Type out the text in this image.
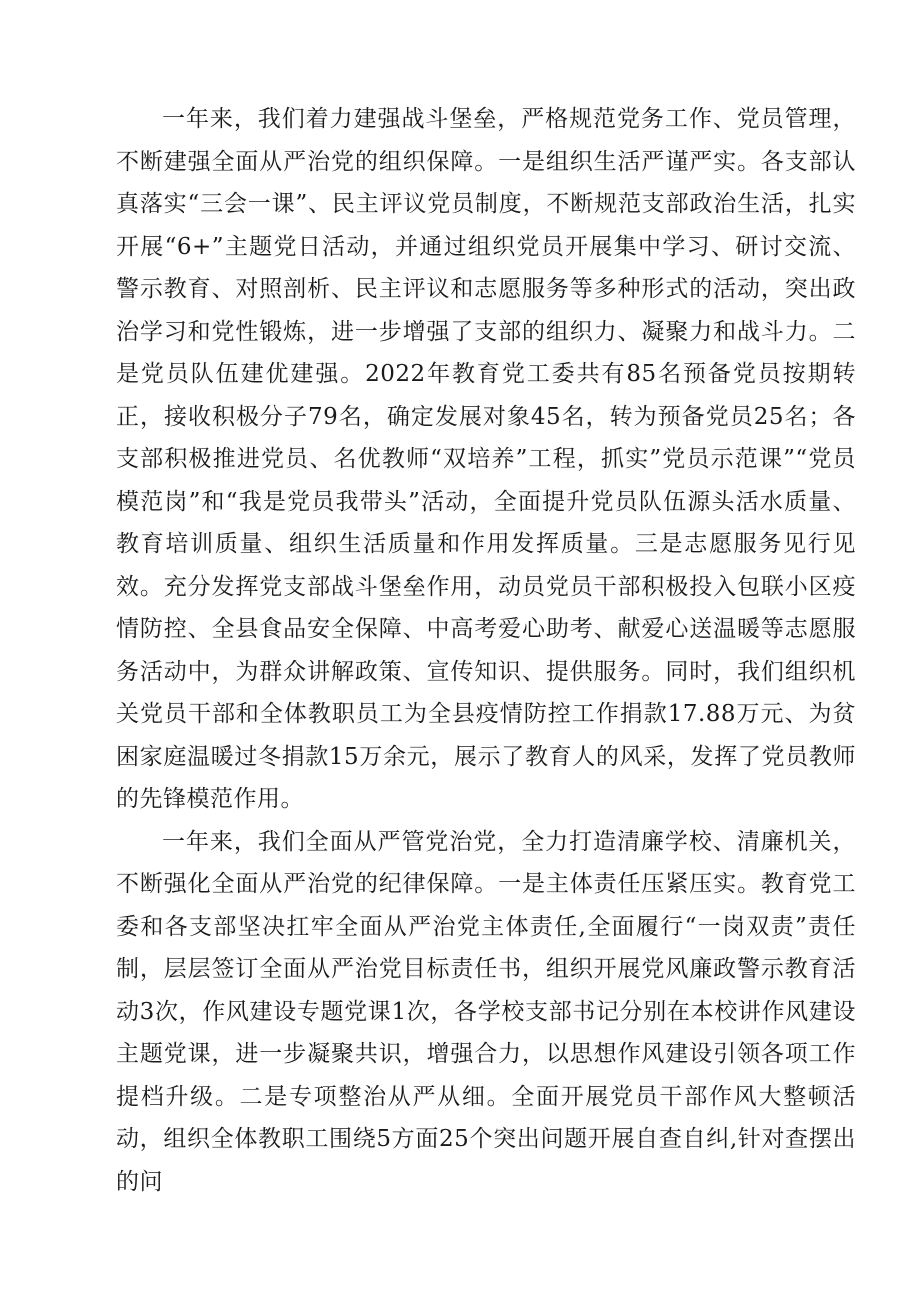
一年来，我们着力建强战斗堡垒，严格规范党务工作、党员管理，不断建强全面从严治党的组织保障。一是组织生活严谨严实。各支部认真落实“三会一课”、民主评议党员制度，不断规范支部政治生活，扎实开展“6+”主题党日活动，并通过组织党员开展集中学习、研讨交流、警示教育、对照剖析、民主评议和志愿服务等多种形式的活动，突出政治学习和党性锻炼，进一步增强了支部的组织力、凝聚力和战斗力。二是党员队伍建优建强。2022年教育党工委共有85名预备党员按期转正，接收积极分子79名，确定发展对象45名，转为预备党员25名；各支部积极推进党员、名优教师“双培养”工程，抓实”党员示范课”“党员模范岗”和“我是党员我带头”活动，全面提升党员队伍源头活水质量、教育培训质量、组织生活质量和作用发挥质量。三是志愿服务见行见效。充分发挥党支部战斗堡垒作用，动员党员干部积极投入包联小区疫情防控、全县食品安全保障、中高考爱心助考、献爱心送温暖等志愿服务活动中，为群众讲解政策、宣传知识、提供服务。同时，我们组织机关党员干部和全体教职员工为全县疫情防控工作捐款17.88万元、为贫困家庭温暖过冬捐款15万余元，展示了教育人的风采，发挥了党员教师的先锋模范作用。

一年来，我们全面从严管党治党，全力打造清廉学校、清廉机关，不断强化全面从严治党的纪律保障。一是主体责任压紧压实。教育党工委和各支部坚决扛牢全面从严治党主体责任,全面履行“一岗双责”责任制，层层签订全面从严治党目标责任书，组织开展党风廉政警示教育活动3次，作风建设专题党课1次，各学校支部书记分别在本校讲作风建设主题党课，进一步凝聚共识，增强合力，以思想作风建设引领各项工作提档升级。二是专项整治从严从细。全面开展党员干部作风大整顿活动，组织全体教职工围绕5方面25个突出问题开展自查自纠,针对查摆出的问
